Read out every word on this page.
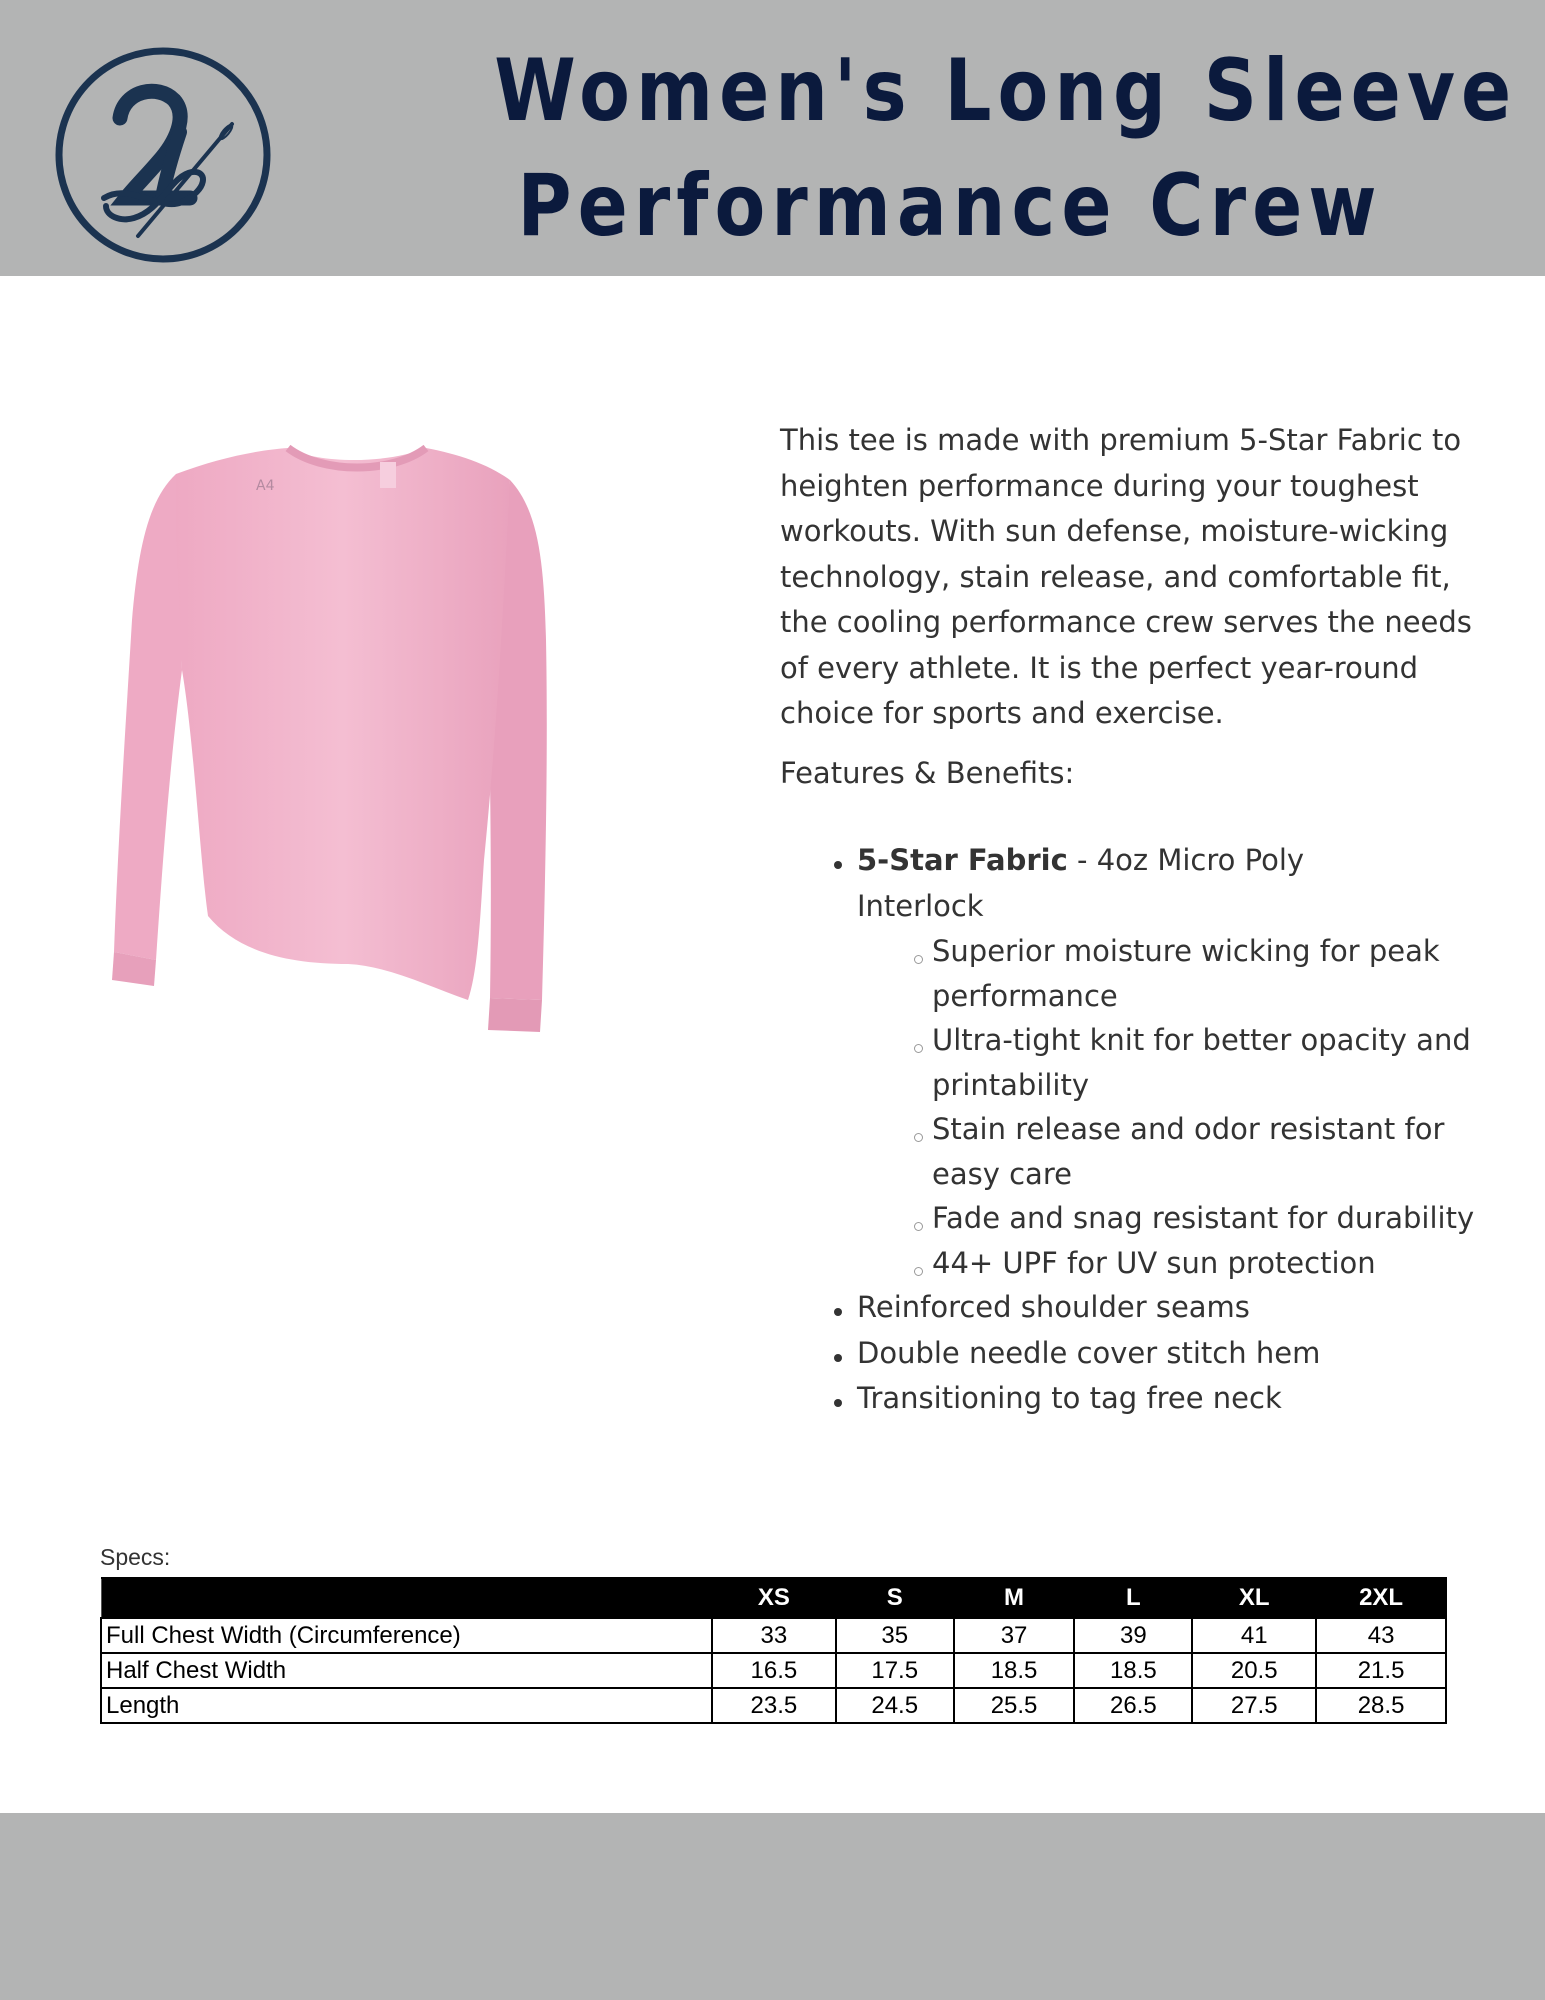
Women's Long Sleeve
Performance Crew
A4

This tee is made with premium 5-Star Fabric to heighten performance during your toughest workouts. With sun defense, moisture-wicking technology, stain release, and comfortable fit, the cooling performance crew serves the needs of every athlete. It is the perfect year-round choice for sports and exercise.

Features & Benefits:

5-Star Fabric - 4oz Micro Poly Interlock
Superior moisture wicking for peak performance
Ultra-tight knit for better opacity and printability
Stain release and odor resistant for easy care
Fade and snag resistant for durability
44+ UPF for UV sun protection
Reinforced shoulder seams
Double needle cover stitch hem
Transitioning to tag free neck
Specs:
	XS	S	M	L	XL	2XL
Full Chest Width (Circumference)	33	35	37	39	41	43
Half Chest Width	16.5	17.5	18.5	18.5	20.5	21.5
Length	23.5	24.5	25.5	26.5	27.5	28.5
